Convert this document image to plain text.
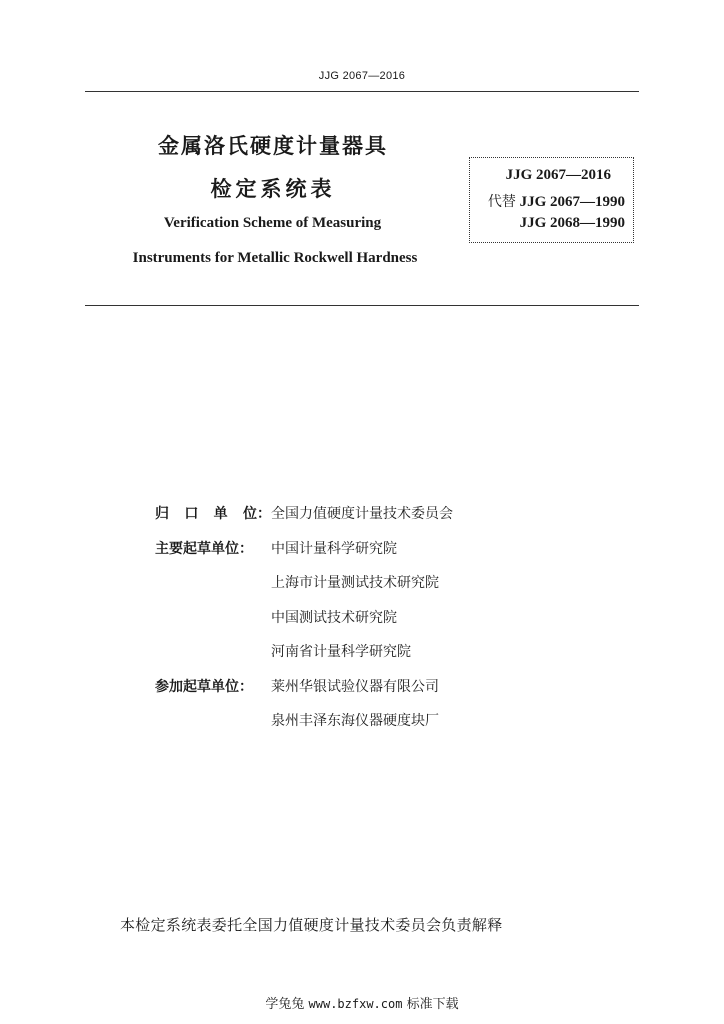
JJG 2067—2016
金属洛氏硬度计量器具
检定系统表
Verification Scheme of Measuring
Instruments for Metallic Rockwell Hardness
JJG 2067—2016
代替 JJG 2067—1990
JJG 2068—1990
归 口 单 位： 全国力值硬度计量技术委员会
主要起草单位： 中国计量科学研究院
上海市计量测试技术研究院
中国测试技术研究院
河南省计量科学研究院
参加起草单位： 莱州华银试验仪器有限公司
泉州丰泽东海仪器硬度块厂
本检定系统表委托全国力值硬度计量技术委员会负责解释
学兔兔 www.bzfxw.com 标准下载
